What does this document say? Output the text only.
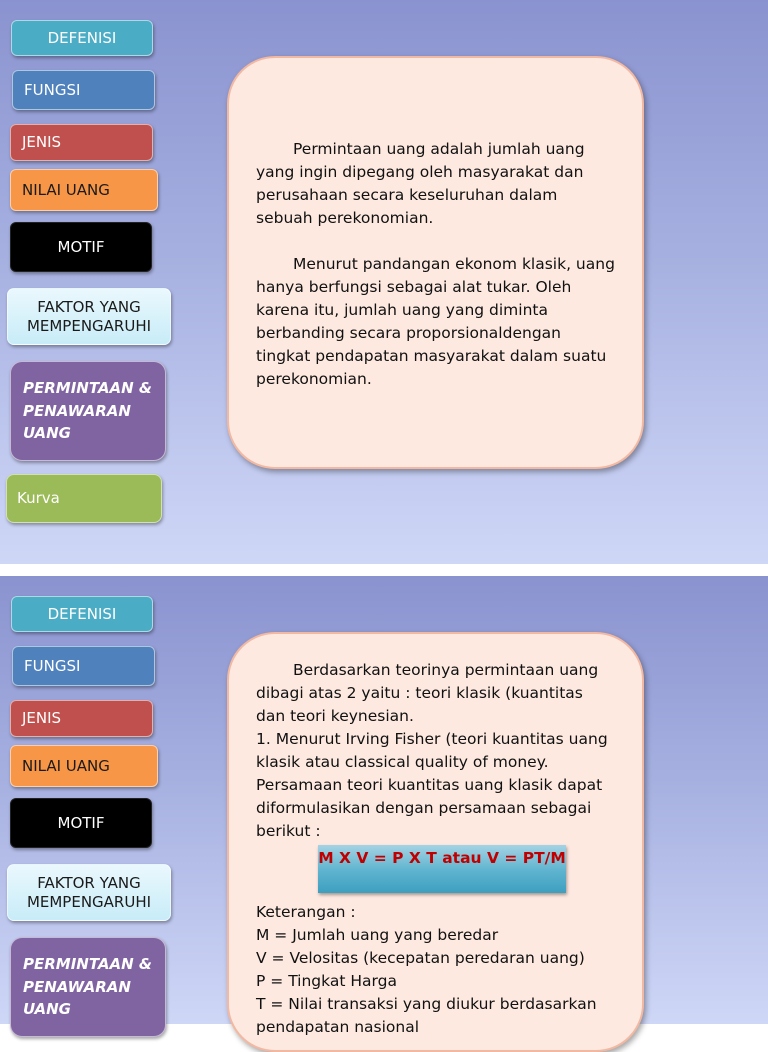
DEFENISI
FUNGSI
JENIS
NILAI UANG
MOTIF
FAKTOR YANG
MEMPENGARUHI
PERMINTAAN &
PENAWARAN
UANG
Kurva

Permintaan uang adalah jumlah uang yang ingin dipegang oleh masyarakat dan perusahaan secara keseluruhan dalam sebuah perekonomian.

Menurut pandangan ekonom klasik, uang hanya berfungsi sebagai alat tukar. Oleh karena itu, jumlah uang yang diminta berbanding secara proporsionaldengan tingkat pendapatan masyarakat dalam suatu perekonomian.

DEFENISI
FUNGSI
JENIS
NILAI UANG
MOTIF
FAKTOR YANG
MEMPENGARUHI
PERMINTAAN &
PENAWARAN
UANG

Berdasarkan teorinya permintaan uang dibagi atas 2 yaitu : teori klasik (kuantitas dan teori keynesian.

1. Menurut Irving Fisher (teori kuantitas uang klasik atau classical quality of money. Persamaan teori kuantitas uang klasik dapat diformulasikan dengan persamaan sebagai berikut :

M X V = P X T atau V = PT/M

Keterangan :

M = Jumlah uang yang beredar

V = Velositas (kecepatan peredaran uang)

P = Tingkat Harga

T = Nilai transaksi yang diukur berdasarkan pendapatan nasional
